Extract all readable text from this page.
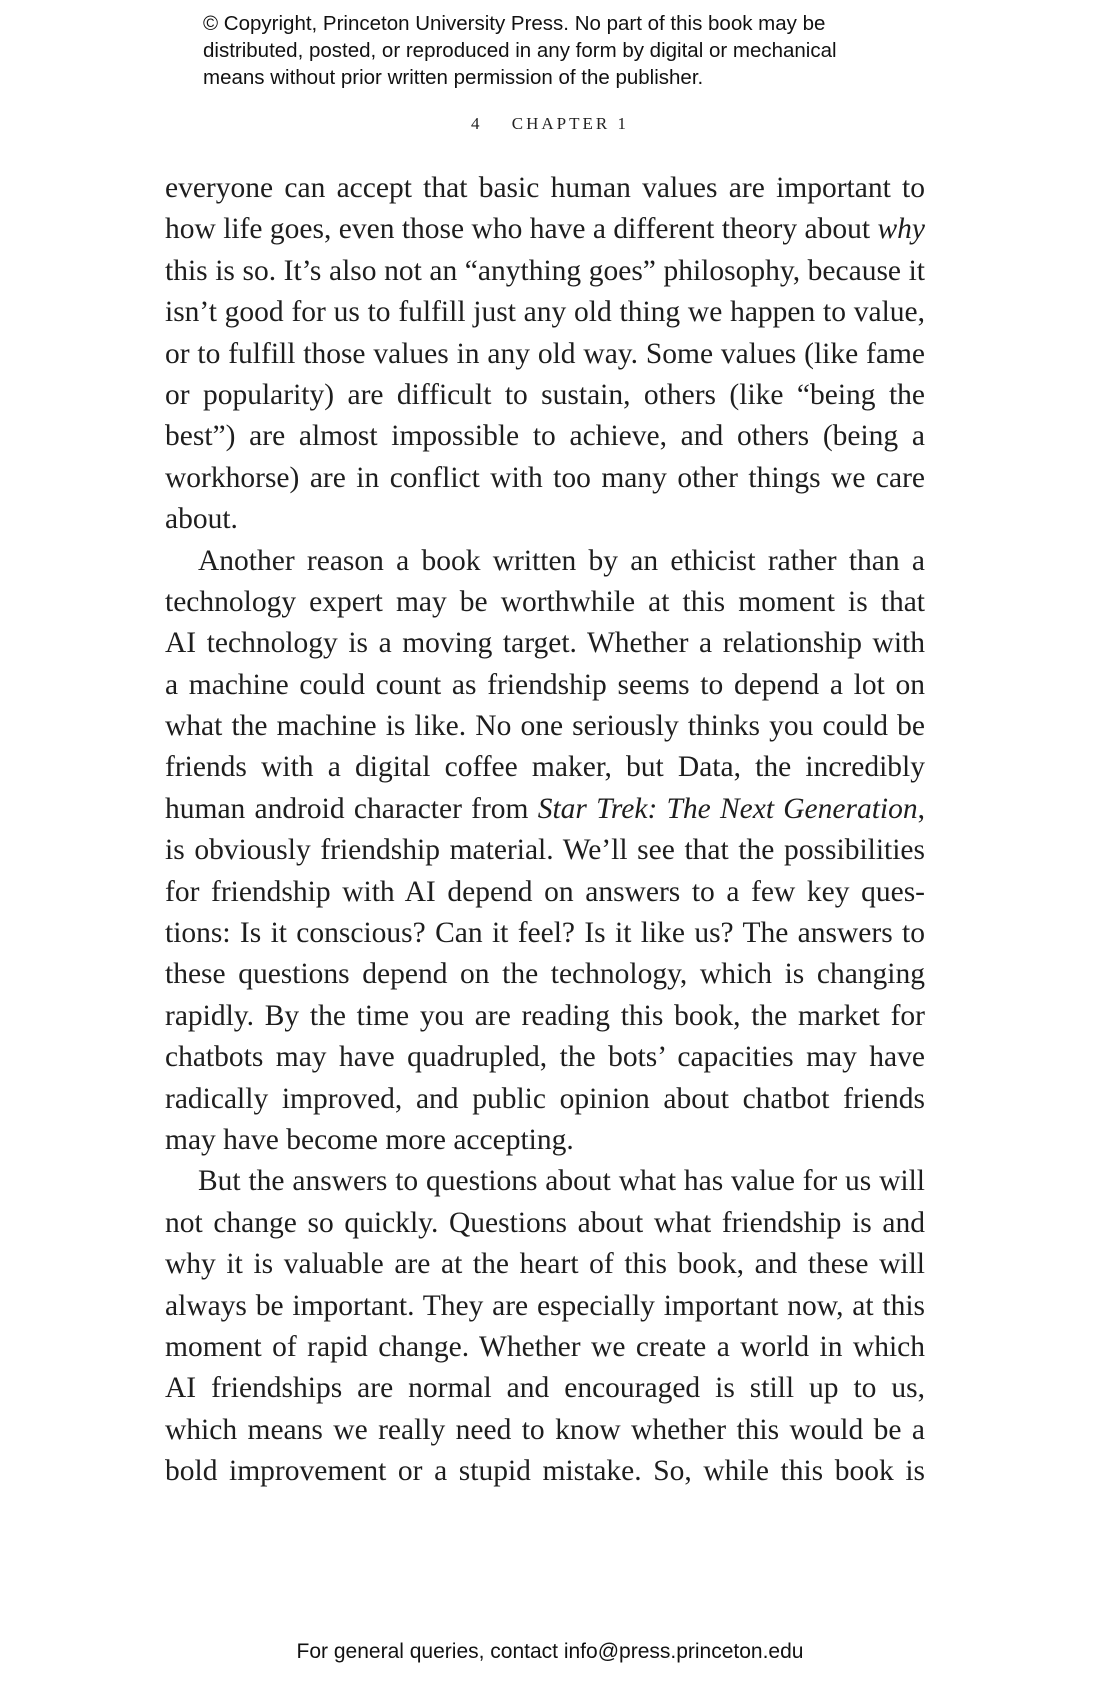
© Copyright, Princeton University Press. No part of this book may be
distributed, posted, or reproduced in any form by digital or mechanical
means without prior written permission of the publisher.
4 CHAPTER 1
everyone can accept that basic human values are important to
how life goes, even those who have a different theory about why
this is so. It’s also not an “anything goes” philosophy, because it
isn’t good for us to fulfill just any old thing we happen to value,
or to fulfill those values in any old way. Some values (like fame
or popularity) are difficult to sustain, others (like “being the
best”) are almost impossible to achieve, and others (being a
workhorse) are in conflict with too many other things we care
about.
Another reason a book written by an ethicist rather than a
technology expert may be worthwhile at this moment is that
AI technology is a moving target. Whether a relationship with
a machine could count as friendship seems to depend a lot on
what the machine is like. No one seriously thinks you could be
friends with a digital coffee maker, but Data, the incredibly
human android character from Star Trek: The Next Generation,
is obviously friendship material. We’ll see that the possibilities
for friendship with AI depend on answers to a few key ques-
tions: Is it conscious? Can it feel? Is it like us? The answers to
these questions depend on the technology, which is changing
rapidly. By the time you are reading this book, the market for
chatbots may have quadrupled, the bots’ capacities may have
radically improved, and public opinion about chatbot friends
may have become more accepting.
But the answers to questions about what has value for us will
not change so quickly. Questions about what friendship is and
why it is valuable are at the heart of this book, and these will
always be important. They are especially important now, at this
moment of rapid change. Whether we create a world in which
AI friendships are normal and encouraged is still up to us,
which means we really need to know whether this would be a
bold improvement or a stupid mistake. So, while this book is
For general queries, contact info@press.princeton.edu
